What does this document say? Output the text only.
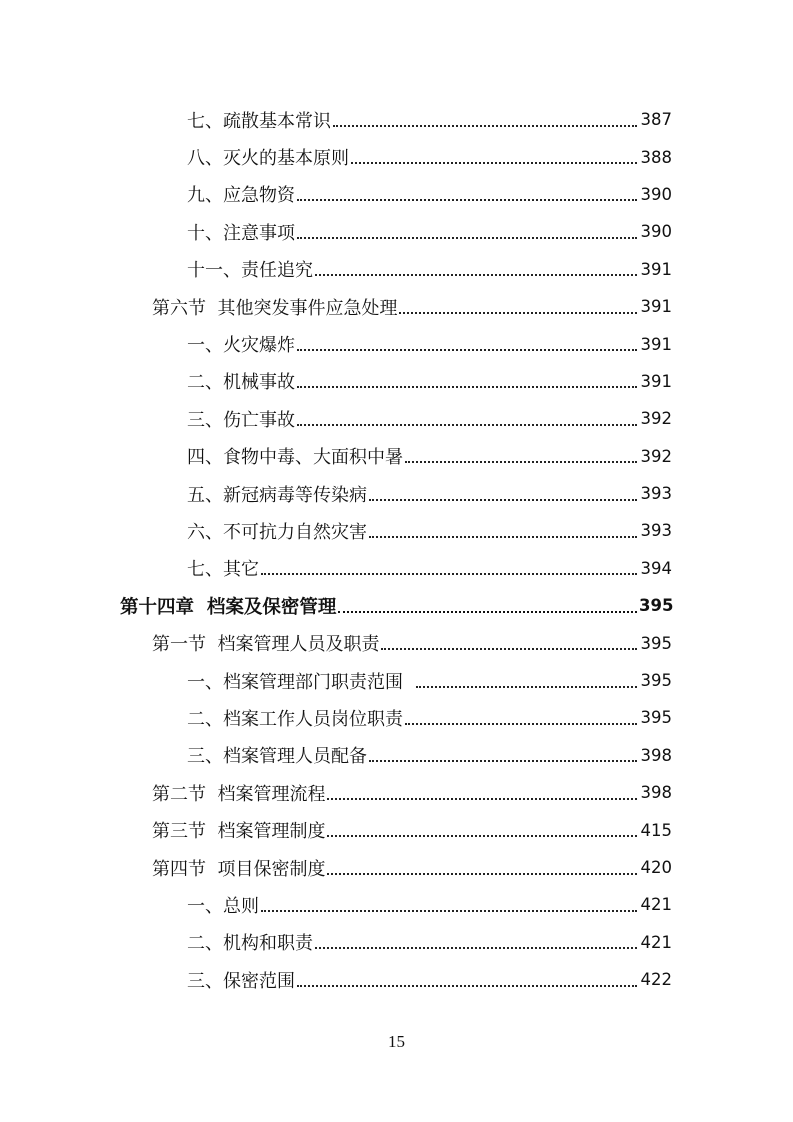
七、疏散基本常识	387
八、灭火的基本原则	388
九、应急物资	390
十、注意事项	390
十一、责任追究	391
第六节  其他突发事件应急处理	391
一、火灾爆炸	391
二、机械事故	391
三、伤亡事故	392
四、食物中毒、大面积中暑	392
五、新冠病毒等传染病	393
六、不可抗力自然灾害	393
七、其它	394
第十四章  档案及保密管理	395
第一节  档案管理人员及职责	395
一、档案管理部门职责范围	395
二、档案工作人员岗位职责	395
三、档案管理人员配备	398
第二节  档案管理流程	398
第三节  档案管理制度	415
第四节  项目保密制度	420
一、总则	421
二、机构和职责	421
三、保密范围	422
15
